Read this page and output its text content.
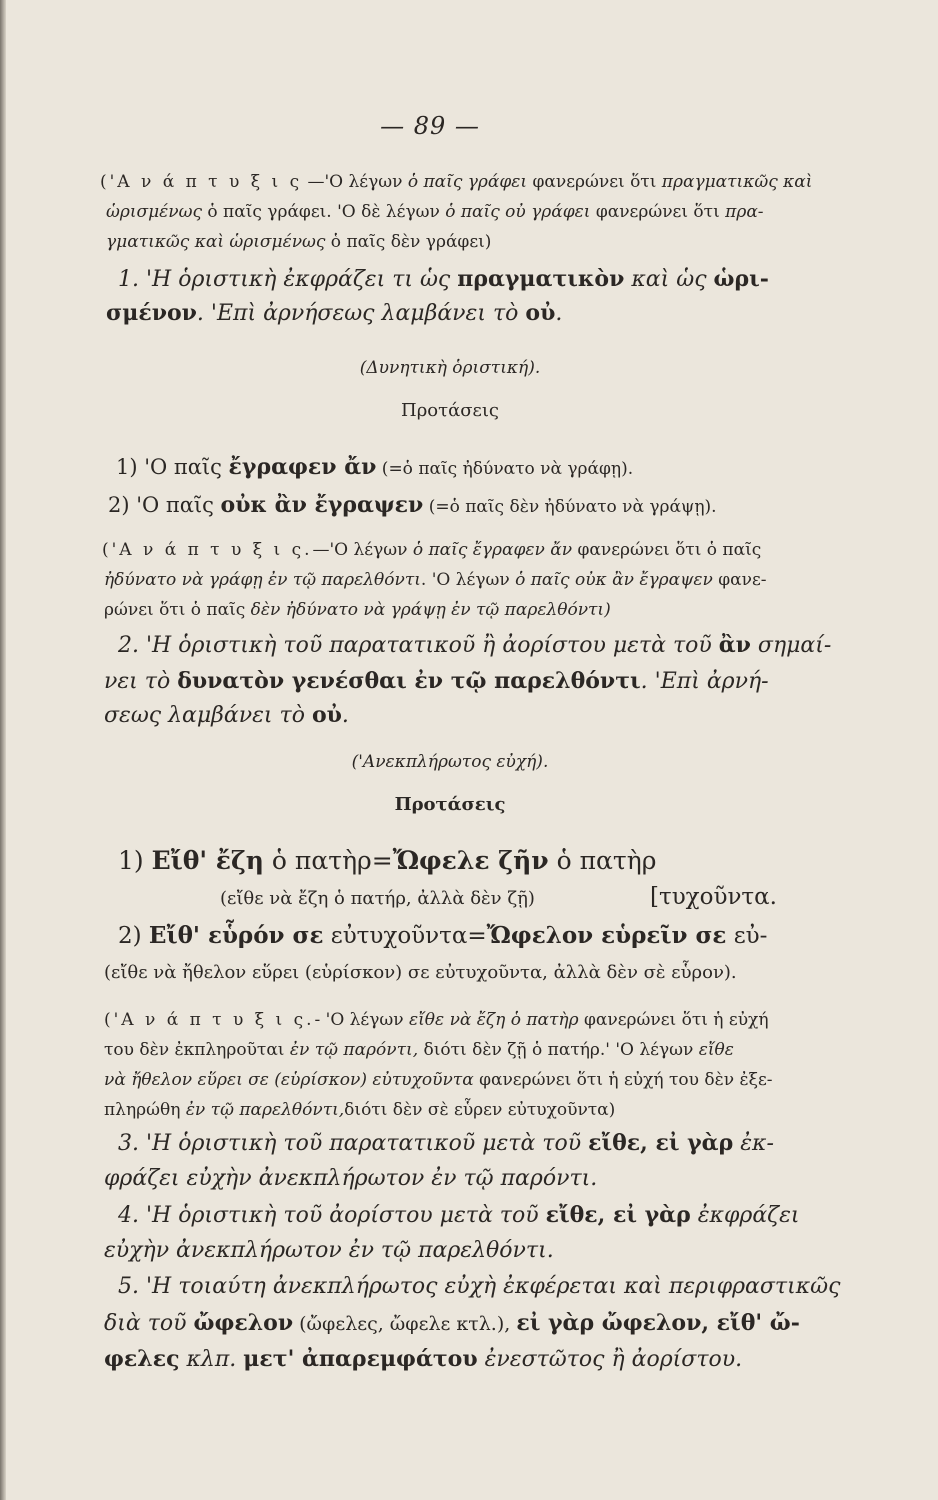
— 89 —
('Α ν ά π τ υ ξ ι ς —'Ο λέγων ὁ παῖς γράφει φανερώνει ὅτι πραγματικῶς καὶ
ὡρισμένως ὁ παῖς γράφει. 'Ο δὲ λέγων ὁ παῖς οὐ γράφει φανερώνει ὅτι πρα-
γματικῶς καὶ ὡρισμένως ὁ παῖς δὲν γράφει)
1. 'Η ὁριστικὴ ἐκφράζει τι ὡς πραγματικὸν καὶ ὡς ὡρι-
σμένον. 'Επὶ ἀρνήσεως λαμβάνει τὸ οὐ.
(Δυνητικὴ ὁριστική).
Προτάσεις
1) 'Ο παῖς ἔγραφεν ἄν (=ὁ παῖς ἠδύνατο νὰ γράφῃ).
2) 'Ο παῖς οὐκ ἂν ἔγραψεν (=ὁ παῖς δὲν ἠδύνατο νὰ γράψῃ).
('Α ν ά π τ υ ξ ι ς.—'Ο λέγων ὁ παῖς ἔγραφεν ἄν φανερώνει ὅτι ὁ παῖς
ἠδύνατο νὰ γράφῃ ἐν τῷ παρελθόντι. 'Ο λέγων ὁ παῖς οὐκ ἂν ἔγραψεν φανε-
ρώνει ὅτι ὁ παῖς δὲν ἠδύνατο νὰ γράψῃ ἐν τῷ παρελθόντι)
2. 'Η ὁριστικὴ τοῦ παρατατικοῦ ἢ ἀορίστου μετὰ τοῦ ἂν σημαί-
νει τὸ δυνατὸν γενέσθαι ἐν τῷ παρελθόντι. 'Επὶ ἀρνή-
σεως λαμβάνει τὸ οὐ.
('Ανεκπλήρωτος εὐχή).
Προτάσεις
1) Εἴθ' ἔζη ὁ πατὴρ=Ὤφελε ζῆν ὁ πατὴρ
(εἴθε νὰ ἔζη ὁ πατήρ, ἀλλὰ δὲν ζῇ)	[τυχοῦντα.
2) Εἴθ' εὗρόν σε εὐτυχοῦντα=Ὤφελον εὑρεῖν σε εὐ-
(εἴθε νὰ ἤθελον εὕρει (εὑρίσκον) σε εὐτυχοῦντα, ἀλλὰ δὲν σὲ εὗρον).
('Α ν ά π τ υ ξ ι ς.- 'Ο λέγων εἴθε νὰ ἔζη ὁ πατὴρ φανερώνει ὅτι ἡ εὐχή
του δὲν ἐκπληροῦται ἐν τῷ παρόντι, διότι δὲν ζῇ ὁ πατήρ.' 'Ο λέγων εἴθε
νὰ ἤθελον εὕρει σε (εὑρίσκον) εὐτυχοῦντα φανερώνει ὅτι ἡ εὐχή του δὲν ἐξε-
πληρώθη ἐν τῷ παρελθόντι,διότι δὲν σὲ εὗρεν εὐτυχοῦντα)
3. 'Η ὁριστικὴ τοῦ παρατατικοῦ μετὰ τοῦ εἴθε, εἰ γὰρ ἐκ-
φράζει εὐχὴν ἀνεκπλήρωτον ἐν τῷ παρόντι.
4. 'Η ὁριστικὴ τοῦ ἀορίστου μετὰ τοῦ εἴθε, εἰ γὰρ ἐκφράζει
εὐχὴν ἀνεκπλήρωτον ἐν τῷ παρελθόντι.
5. 'Η τοιαύτη ἀνεκπλήρωτος εὐχὴ ἐκφέρεται καὶ περιφραστικῶς
διὰ τοῦ ὤφελον (ὤφελες, ὤφελε κτλ.), εἰ γὰρ ὤφελον, εἴθ' ὤ-
φελες κλπ. μετ' ἀπαρεμφάτου ἐνεστῶτος ἢ ἀορίστου.
